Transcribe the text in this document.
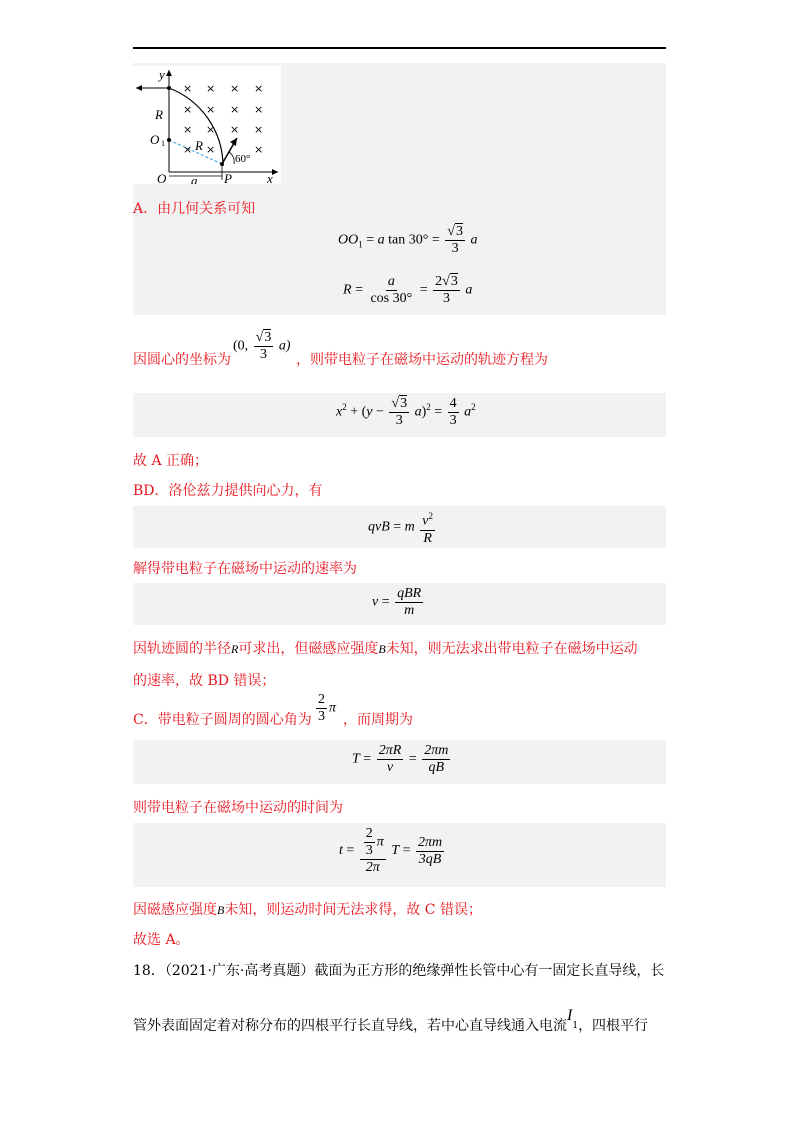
× × × ×
× × × ×
× × × ×
× ×	×
y
x
O
R
O	R
a P
1
60°
A．由几何关系可知
$OO_1 = a$ $\tan 30^\circ = \frac{√3}{3}$ a
$R = \frac{a}{\cos 30^\circ} = \frac{2√3}{3}$ a
因圆心的坐标为
(0, $\frac{√3}{3} a$)
，则带电粒子在磁场中运动的轨迹方程为
$x^2 + (y - \frac{√3}{3} a)^2 = \frac{4}{3} a^2$
故 A 正确；
BD．洛伦兹力提供向心力，有
qvB = m $\frac{v^2}{R}$
解得带电粒子在磁场中运动的速率为
$v = \frac{\text{qBR}}{m}$
因轨迹圆的半径R可求出，但磁感应强度B未知，则无法求出带电粒子在磁场中运动
的速率，故 BD 错误；
C．带电粒子圆周的圆心角为 $\frac{2}{3}$ π
，而周期为
$T = \frac{2\pi R}{v} = \frac{2\pi m}{qB}$
则带电粒子在磁场中运动的时间为
$t = \frac{\frac{2}{3} \pi}{2\pi}$ $T = \frac{2\pi m}{3qB}$
因磁感应强度B未知，则运动时间无法求得，故 C 错误；
故选 A。
18．（2021·广东·高考真题）截面为正方形的绝缘弹性长管中心有一固定长直导线，长
管外表面固定着对称分布的四根平行长直导线，若中心直导线通入电流$I_1$，四根平行
